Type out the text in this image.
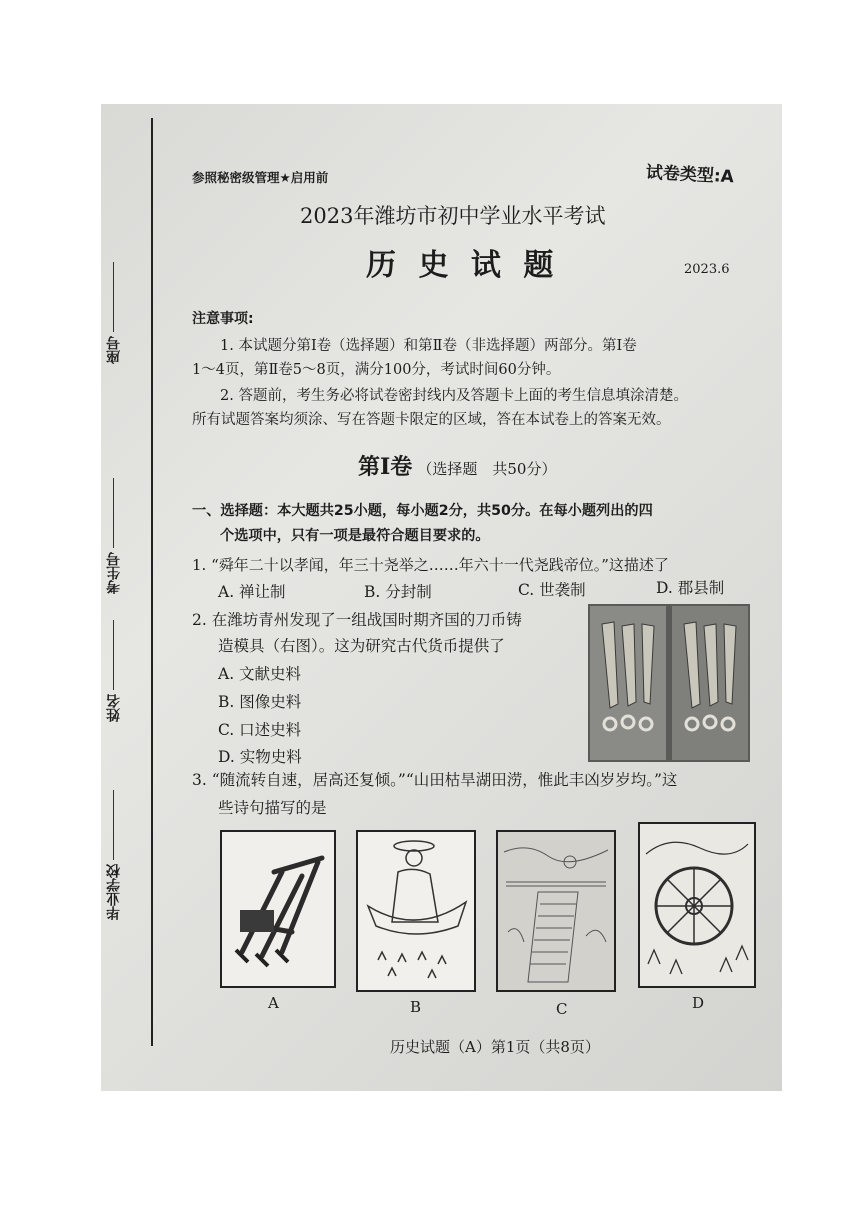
座号
考生号
姓名
毕业学校
参照秘密级管理★启用前	试卷类型:A
2023年潍坊市初中学业水平考试
历 史 试 题	2023.6
注意事项:
1. 本试题分第Ⅰ卷（选择题）和第Ⅱ卷（非选择题）两部分。第Ⅰ卷
1～4页，第Ⅱ卷5～8页，满分100分，考试时间60分钟。
2. 答题前，考生务必将试卷密封线内及答题卡上面的考生信息填涂清楚。
所有试题答案均须涂、写在答题卡限定的区域，答在本试卷上的答案无效。
第Ⅰ卷 （选择题　共50分）
一、选择题：本大题共25小题，每小题2分，共50分。在每小题列出的四
个选项中，只有一项是最符合题目要求的。
1. “舜年二十以孝闻，年三十尧举之……年六十一代尧践帝位。”这描述了
A. 禅让制	B. 分封制	C. 世袭制	D. 郡县制
2. 在潍坊青州发现了一组战国时期齐国的刀币铸
造模具（右图）。这为研究古代货币提供了
A. 文献史料
B. 图像史料
C. 口述史料
D. 实物史料
3. “随流转自速，居高还复倾。”“山田枯旱湖田涝，惟此丰凶岁岁均。”这
些诗句描写的是
A	B	C	D
历史试题（A）第1页（共8页）
